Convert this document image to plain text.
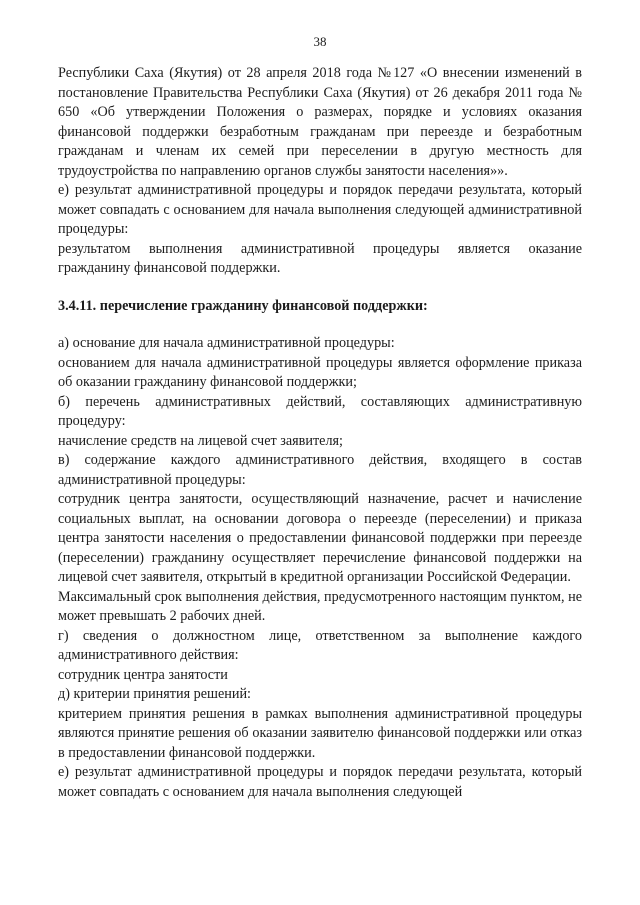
38

Республики Саха (Якутия) от 28 апреля 2018 года №127 «О внесении изменений в постановление Правительства Республики Саха (Якутия) от 26 декабря 2011 года № 650 «Об утверждении Положения о размерах, порядке и условиях оказания финансовой поддержки безработным гражданам при переезде и безработным гражданам и членам их семей при переселении в другую местность для трудоустройства по направлению органов службы занятости населения»».

е) результат административной процедуры и порядок передачи результата, который может совпадать с основанием для начала выполнения следующей административной процедуры:

результатом выполнения административной процедуры является оказание гражданину финансовой поддержки.

3.4.11. перечисление гражданину финансовой поддержки:

а) основание для начала административной процедуры:

основанием для начала административной процедуры является оформление приказа об оказании гражданину финансовой поддержки;

б) перечень административных действий, составляющих административную процедуру:

начисление средств на лицевой счет заявителя;

в) содержание каждого административного действия, входящего в состав административной процедуры:

сотрудник центра занятости, осуществляющий назначение, расчет и начисление социальных выплат, на основании договора о переезде (переселении) и приказа центра занятости населения о предоставлении финансовой поддержки при переезде (переселении) гражданину осуществляет перечисление финансовой поддержки на лицевой счет заявителя, открытый в кредитной организации Российской Федерации.

Максимальный срок выполнения действия, предусмотренного настоящим пунктом, не может превышать 2 рабочих дней.

г) сведения о должностном лице, ответственном за выполнение каждого административного действия:

сотрудник центра занятости

д) критерии принятия решений:

критерием принятия решения в рамках выполнения административной процедуры являются принятие решения об оказании заявителю финансовой поддержки или отказ в предоставлении финансовой поддержки.

е) результат административной процедуры и порядок передачи результата, который может совпадать с основанием для начала выполнения следующей
